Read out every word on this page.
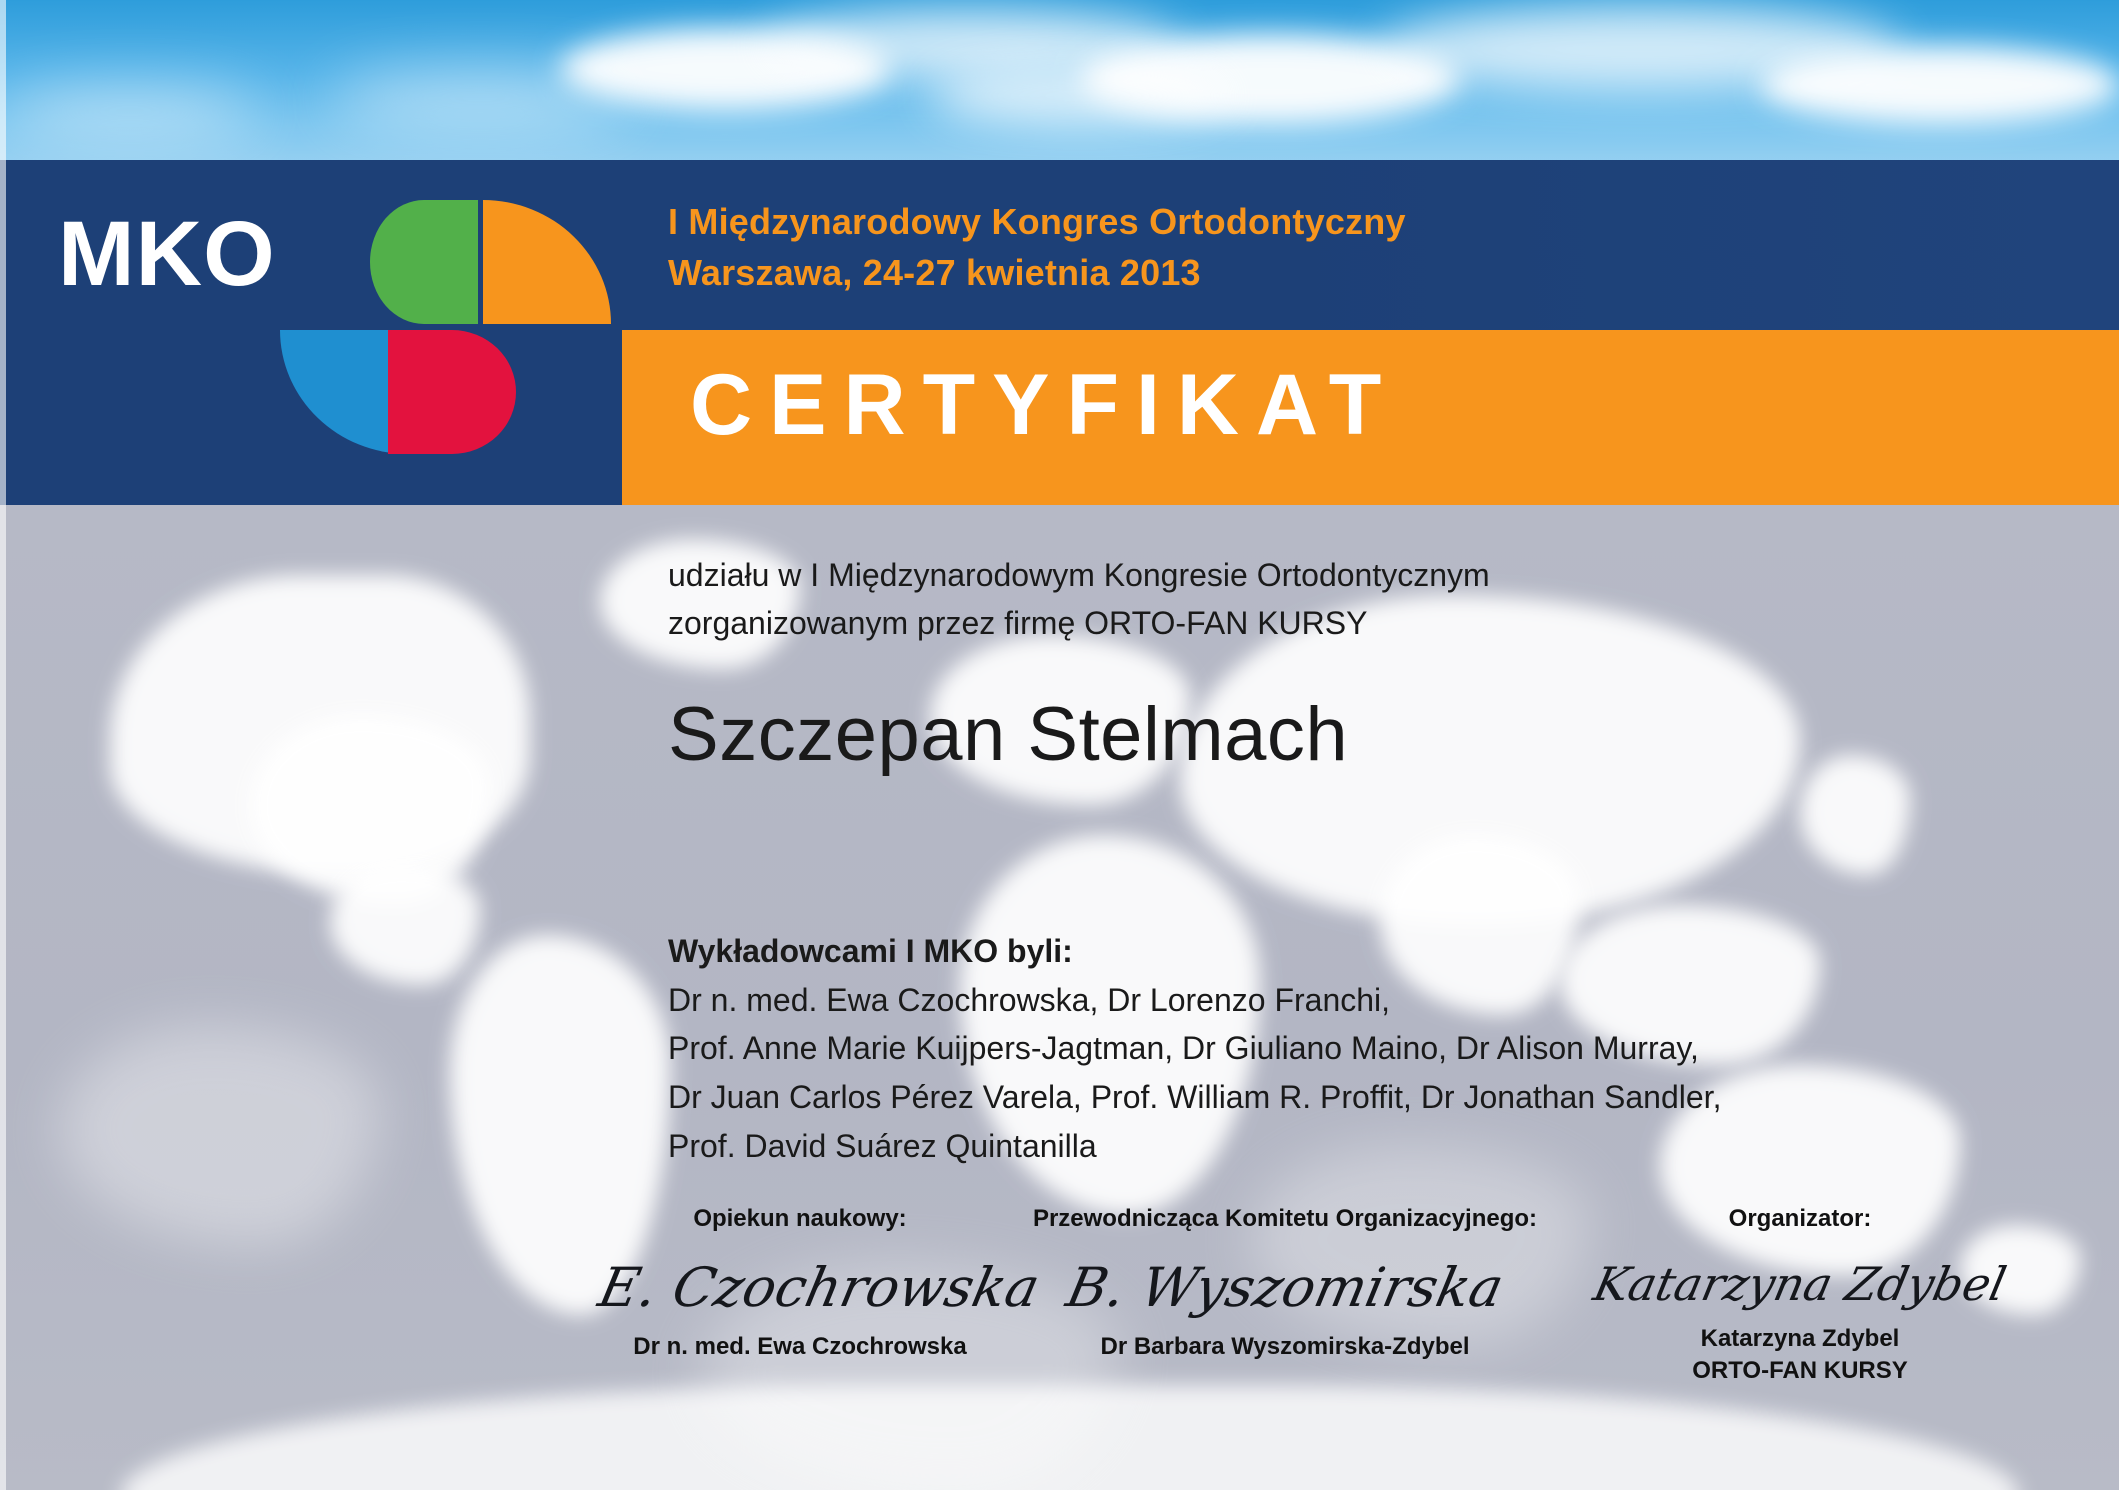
MKO	I Międzynarodowy Kongres Ortodontyczny
Warszawa, 24-27 kwietnia 2013
CERTYFIKAT
udziału w I Międzynarodowym Kongresie Ortodontycznym
zorganizowanym przez firmę ORTO-FAN KURSY
Szczepan Stelmach
Wykładowcami I MKO byli:
Dr n. med. Ewa Czochrowska, Dr Lorenzo Franchi,
Prof. Anne Marie Kuijpers-Jagtman, Dr Giuliano Maino, Dr Alison Murray,
Dr Juan Carlos Pérez Varela, Prof. William R. Proffit, Dr Jonathan Sandler,
Prof. David Suárez Quintanilla
Opiekun naukowy:
E. Czochrowska
Dr n. med. Ewa Czochrowska
Przewodnicząca Komitetu Organizacyjnego:
B. Wyszomirska
Dr Barbara Wyszomirska-Zdybel
Organizator:
Katarzyna Zdybel
Katarzyna Zdybel
ORTO-FAN KURSY
